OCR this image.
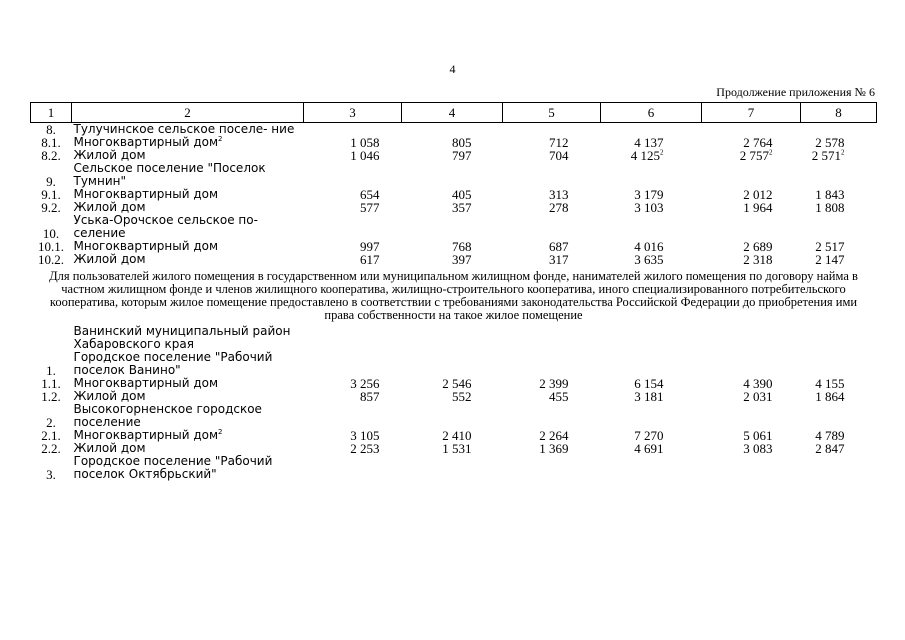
4
Продолжение приложения № 6
1	2	3	4	5	6	7	8
8.	Тулучинское сельское поселе- ние						
8.1.	Многоквартирный дом$^2$	1 058	805	712	4 137	2 764	2 578
8.2.	Жилой дом	1 046	797	704	4 $125^2$	2 $757^2$	2 $571^2$
9.	Сельское поселение "Поселок Тумнин"						
9.1.	Многоквартирный дом	654	405	313	3 179	2 012	1 843
9.2.	Жилой дом	577	357	278	3 103	1 964	1 808
10.	Уська-Орочское сельское по- селение						
10.1.	Многоквартирный дом	997	768	687	4 016	2 689	2 517
10.2.	Жилой дом	617	397	317	3 635	2 318	2 147
Для пользователей жилого помещения в государственном или муниципальном жилищном фонде, нанимателей жилого помещения по договору найма в частном жилищном фонде и членов жилищного кооператива, жилищно-строительного кооператива, иного специализированного потребительского кооператива, которым жилое помещение предоставлено в соответствии с требованиями законодательства Российской Федерации до приобретения ими права собственности на такое жилое помещение							
	Ванинский муниципальный район Хабаровского края						
1.	Городское поселение "Рабочий поселок Ванино"						
1.1.	Многоквартирный дом	3 256	2 546	2 399	6 154	4 390	4 155
1.2.	Жилой дом	857	552	455	3 181	2 031	1 864
2.	Высокогорненское городское поселение						
2.1.	Многоквартирный дом$^2$	3 105	2 410	2 264	7 270	5 061	4 789
2.2.	Жилой дом	2 253	1 531	1 369	4 691	3 083	2 847
3.	Городское поселение "Рабочий поселок Октябрьский"						
